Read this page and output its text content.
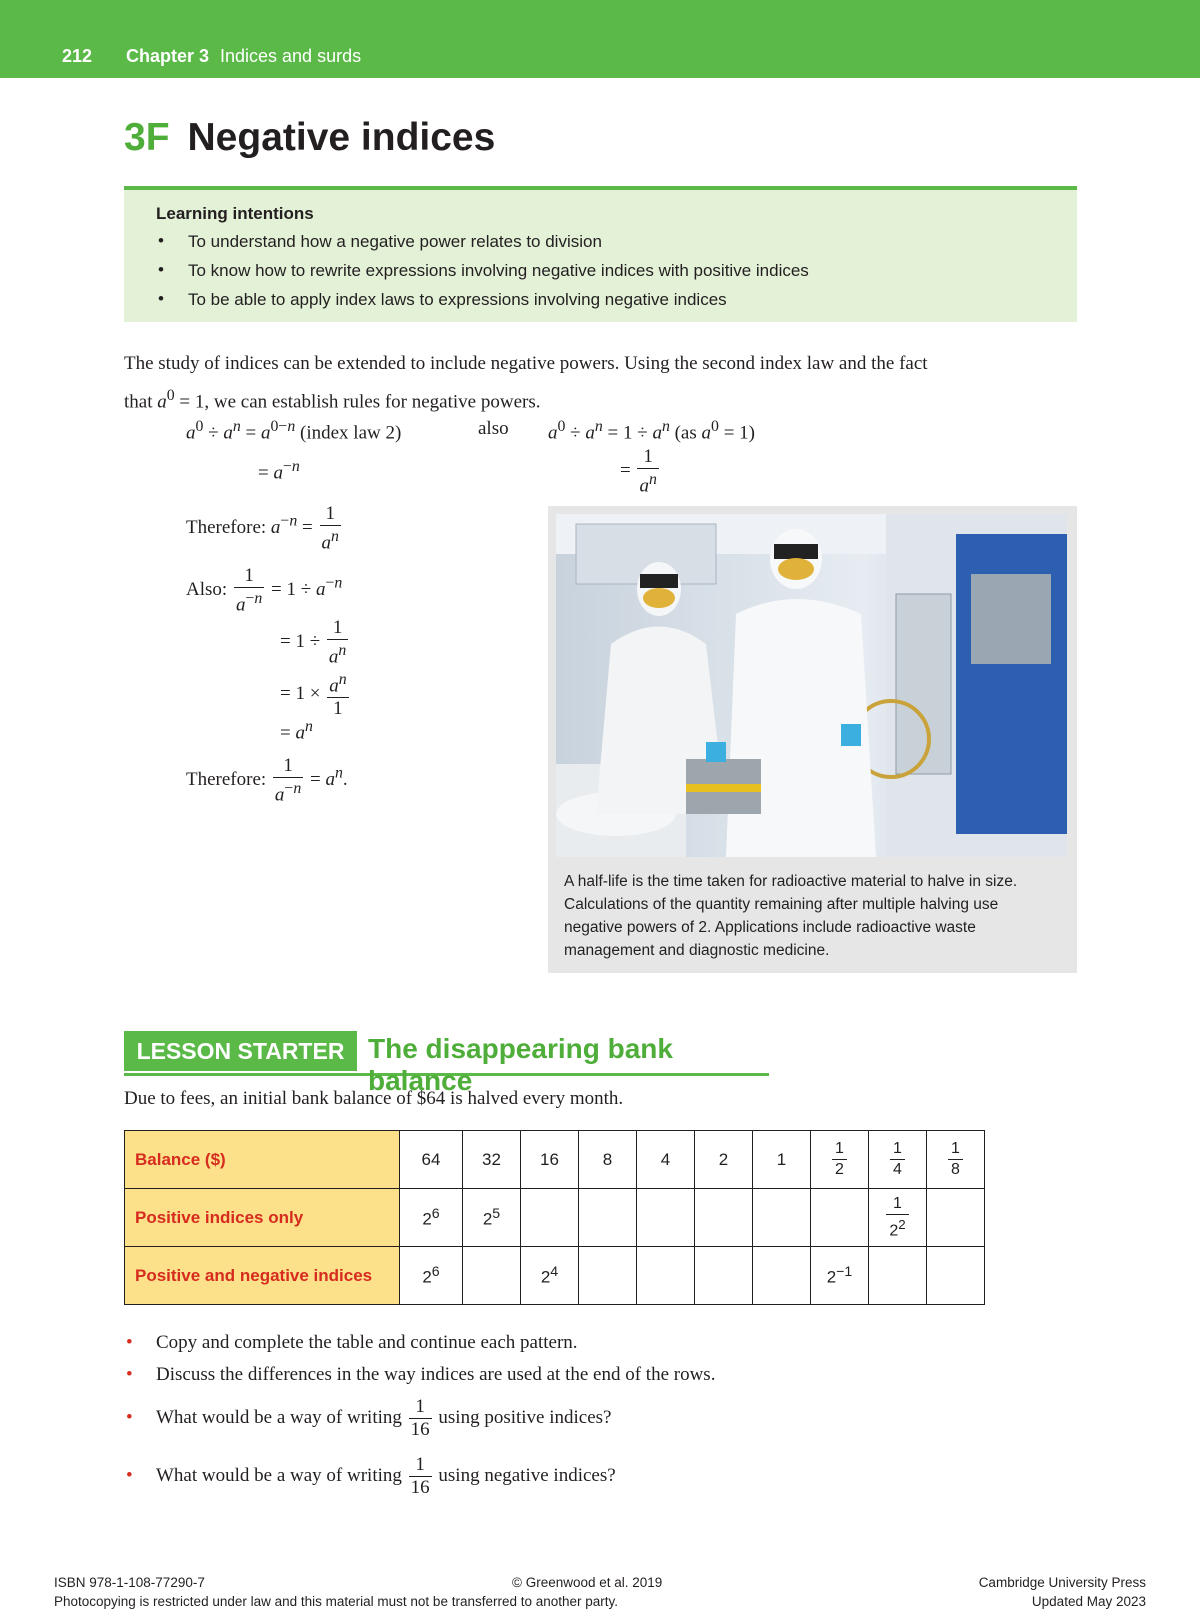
212 Chapter 3 Indices and surds
3F Negative indices
Learning intentions
• To understand how a negative power relates to division
• To know how to rewrite expressions involving negative indices with positive indices
• To be able to apply index laws to expressions involving negative indices
The study of indices can be extended to include negative powers. Using the second index law and the fact
that $a^0 = 1$, we can establish rules for negative powers.
$a^0 \div a^n = a^{0-n}$ (index law 2)	also $a^0 \div a^n = 1 \div a^n$ (as $a^0 = 1$)
= $a^{-n}$	= $\frac{1}{a^n}$
Therefore: $a^{-n} = \frac{1}{a^n}$
Also: $\frac{1}{a^{-n}} = 1 \div a^{-n}$
= $1 \div \frac{1}{a^n}$
= $1 \times \frac{a^n}{1}$
= $a^n$
Therefore: $\frac{1}{a^{-n}} = a^n$.
A half-life is the time taken for radioactive material to halve in size. Calculations of the quantity remaining after multiple halving use negative powers of 2. Applications include radioactive waste management and diagnostic medicine.
LESSON STARTER The disappearing bank balance
Due to fees, an initial bank balance of $64 is halved every month.
Balance ($)	64	32	16	8	4	2	1	$\frac{1}{2}$	$\frac{1}{4}$	$\frac{1}{8}$

Positive indices only	$2^6$	$2^5$							$\frac{1}{2^2}$

Positive and negative indices	$2^6$		$2^4$					$2^{-1}$		
• Copy and complete the table and continue each pattern.
• Discuss the differences in the way indices are used at the end of the rows.
• What would be a way of writing $\frac{1}{16}$ using positive indices?
• What would be a way of writing $\frac{1}{16}$ using negative indices?
ISBN 978-1-108-77290-7
Photocopying is restricted under law and this material must not be transferred to another party.
© Greenwood et al. 2019	Cambridge University Press
Updated May 2023
